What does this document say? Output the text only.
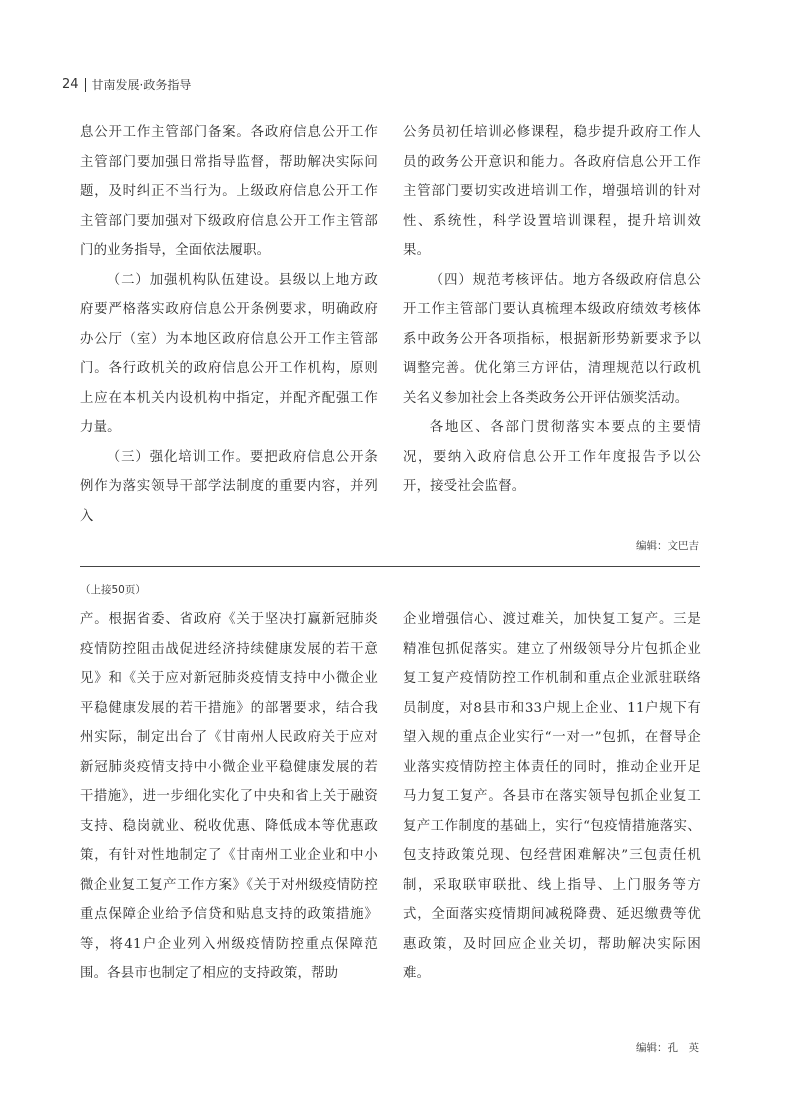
24 甘南发展·政务指导

息公开工作主管部门备案。各政府信息公开工作主管部门要加强日常指导监督，帮助解决实际问题，及时纠正不当行为。上级政府信息公开工作主管部门要加强对下级政府信息公开工作主管部门的业务指导，全面依法履职。

（二）加强机构队伍建设。县级以上地方政府要严格落实政府信息公开条例要求，明确政府办公厅（室）为本地区政府信息公开工作主管部门。各行政机关的政府信息公开工作机构，原则上应在本机关内设机构中指定，并配齐配强工作力量。

（三）强化培训工作。要把政府信息公开条例作为落实领导干部学法制度的重要内容，并列入

公务员初任培训必修课程，稳步提升政府工作人员的政务公开意识和能力。各政府信息公开工作主管部门要切实改进培训工作，增强培训的针对性、系统性，科学设置培训课程，提升培训效果。

（四）规范考核评估。地方各级政府信息公开工作主管部门要认真梳理本级政府绩效考核体系中政务公开各项指标，根据新形势新要求予以调整完善。优化第三方评估，清理规范以行政机关名义参加社会上各类政务公开评估颁奖活动。

各地区、各部门贯彻落实本要点的主要情况，要纳入政府信息公开工作年度报告予以公开，接受社会监督。

编辑：文巴吉
（上接50页）

产。根据省委、省政府《关于坚决打赢新冠肺炎疫情防控阻击战促进经济持续健康发展的若干意见》和《关于应对新冠肺炎疫情支持中小微企业平稳健康发展的若干措施》的部署要求，结合我州实际，制定出台了《甘南州人民政府关于应对新冠肺炎疫情支持中小微企业平稳健康发展的若干措施》，进一步细化实化了中央和省上关于融资支持、稳岗就业、税收优惠、降低成本等优惠政策，有针对性地制定了《甘南州工业企业和中小微企业复工复产工作方案》《关于对州级疫情防控重点保障企业给予信贷和贴息支持的政策措施》等，将41户企业列入州级疫情防控重点保障范围。各县市也制定了相应的支持政策，帮助

企业增强信心、渡过难关，加快复工复产。三是精准包抓促落实。建立了州级领导分片包抓企业复工复产疫情防控工作机制和重点企业派驻联络员制度，对8县市和33户规上企业、11户规下有望入规的重点企业实行“一对一”包抓，在督导企业落实疫情防控主体责任的同时，推动企业开足马力复工复产。各县市在落实领导包抓企业复工复产工作制度的基础上，实行“包疫情措施落实、包支持政策兑现、包经营困难解决”三包责任机制，采取联审联批、线上指导、上门服务等方式，全面落实疫情期间减税降费、延迟缴费等优惠政策，及时回应企业关切，帮助解决实际困难。

编辑：孔　英
